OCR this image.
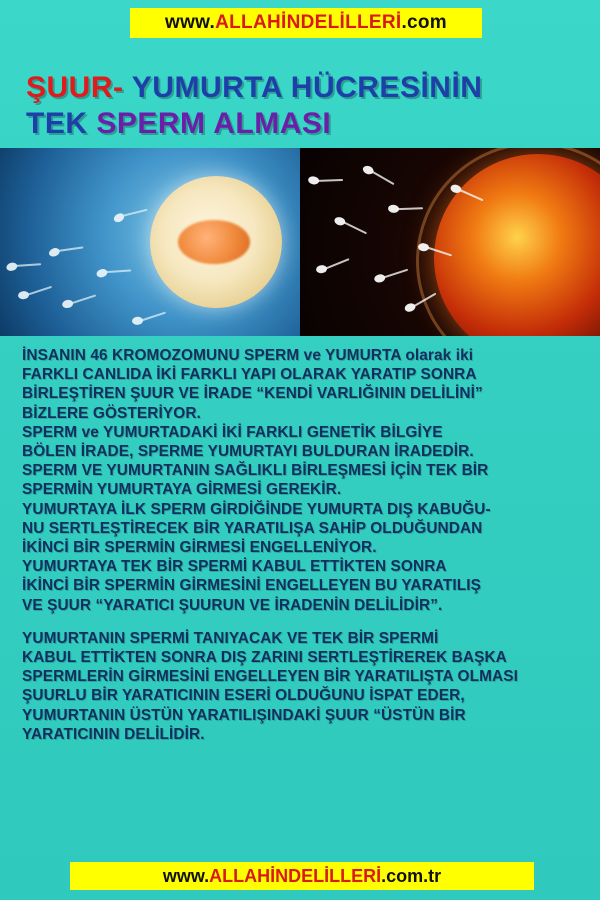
www.ALLAHİNDELİLLERİ.com
ŞUUR- YUMURTA HÜCRESİNİN
TEK SPERM ALMASI
İNSANIN 46 KROMOZOMUNU SPERM ve YUMURTA olarak iki
FARKLI CANLIDA İKİ FARKLI YAPI OLARAK YARATIP SONRA
BİRLEŞTİREN ŞUUR VE İRADE “KENDİ VARLIĞININ DELİLİNİ”
BİZLERE GÖSTERİYOR.
SPERM ve YUMURTADAKİ İKİ FARKLI GENETİK BİLGİYE
BÖLEN İRADE, SPERME YUMURTAYI BULDURAN İRADEDİR.
SPERM VE YUMURTANIN SAĞLIKLI BİRLEŞMESİ İÇİN TEK BİR
SPERMİN YUMURTAYA GİRMESİ GEREKİR.
YUMURTAYA İLK SPERM GİRDİĞİNDE YUMURTA DIŞ KABUĞU-
NU SERTLEŞTİRECEK BİR YARATILIŞA SAHİP OLDUĞUNDAN
İKİNCİ BİR SPERMİN GİRMESİ ENGELLENİYOR.
YUMURTAYA TEK BİR SPERMİ KABUL ETTİKTEN SONRA
İKİNCİ BİR SPERMİN GİRMESİNİ ENGELLEYEN BU YARATILIŞ
VE ŞUUR “YARATICI ŞUURUN VE İRADENİN DELİLİDİR”.
YUMURTANIN SPERMİ TANIYACAK VE TEK BİR SPERMİ
KABUL ETTİKTEN SONRA DIŞ ZARINI SERTLEŞTİREREK BAŞKA
SPERMLERİN GİRMESİNİ ENGELLEYEN BİR YARATILIŞTA OLMASI
ŞUURLU BİR YARATICININ ESERİ OLDUĞUNU İSPAT EDER,
YUMURTANIN ÜSTÜN YARATILIŞINDAKİ ŞUUR “ÜSTÜN BİR
YARATICININ DELİLİDİR.
www.ALLAHİNDELİLLERİ.com.tr
